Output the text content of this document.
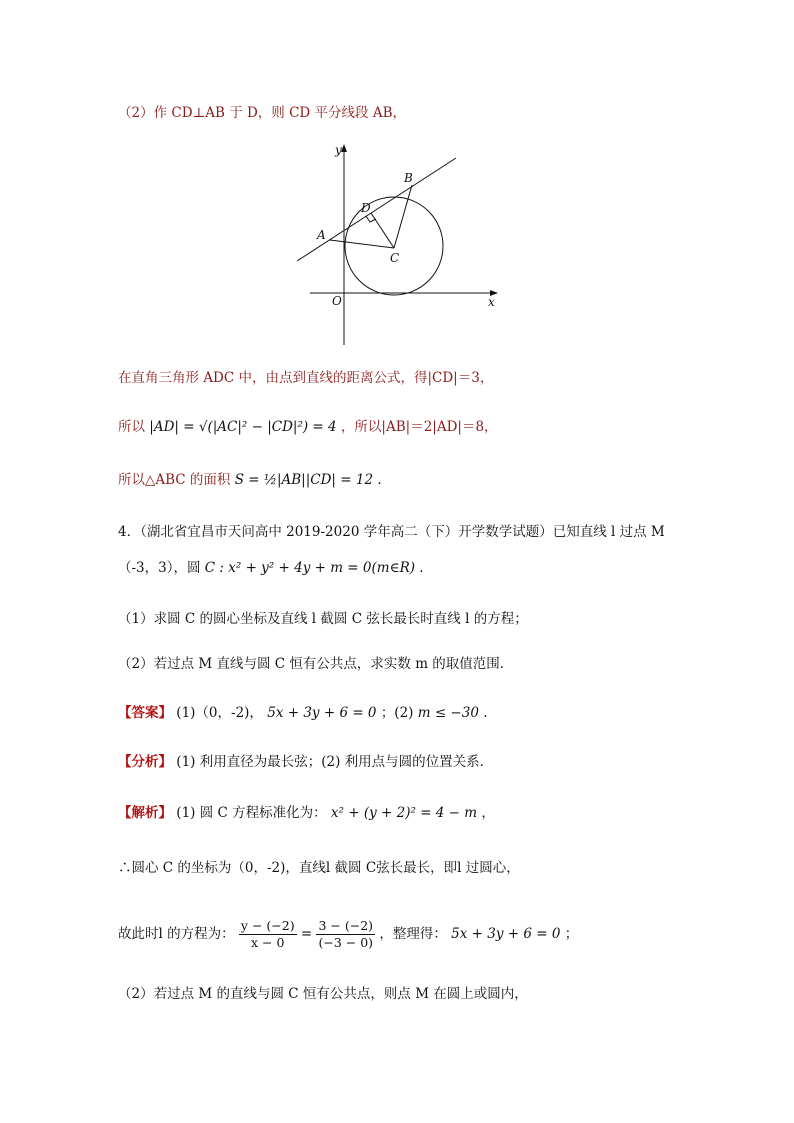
（2）作 CD⊥AB 于 D，则 CD 平分线段 AB，
y
x
O
A
B
C
D
在直角三角形 ADC 中，由点到直线的距离公式，得|CD|＝3，
所以 |AD| = √(|AC|² − |CD|²) = 4 ，所以|AB|＝2|AD|＝8，
所以△ABC 的面积 S = ½|AB||CD| = 12 .
4．（湖北省宜昌市天问高中 2019-2020 学年高二（下）开学数学试题）已知直线 l 过点 M
（-3，3），圆 C : x² + y² + 4y + m = 0(m∈R) .
（1）求圆 C 的圆心坐标及直线 l 截圆 C 弦长最长时直线 l 的方程；
（2）若过点 M 直线与圆 C 恒有公共点，求实数 m 的取值范围．
【答案】 (1)（0，-2)， 5x + 3y + 6 = 0 ；(2) m ≤ −30 .
【分析】 (1) 利用直径为最长弦；(2) 利用点与圆的位置关系．
【解析】 (1) 圆 C 方程标准化为： x² + (y + 2)² = 4 − m ，
∴圆心 C 的坐标为（0，-2)，直线l 截圆 C弦长最长，即l 过圆心，
故此时l 的方程为： $\frac{y - (-2)}{x - 0} = \frac{3 - (-2)}{(-3 - 0)}$ ，整理得： 5x + 3y + 6 = 0 ；
（2）若过点 M 的直线与圆 C 恒有公共点，则点 M 在圆上或圆内，
